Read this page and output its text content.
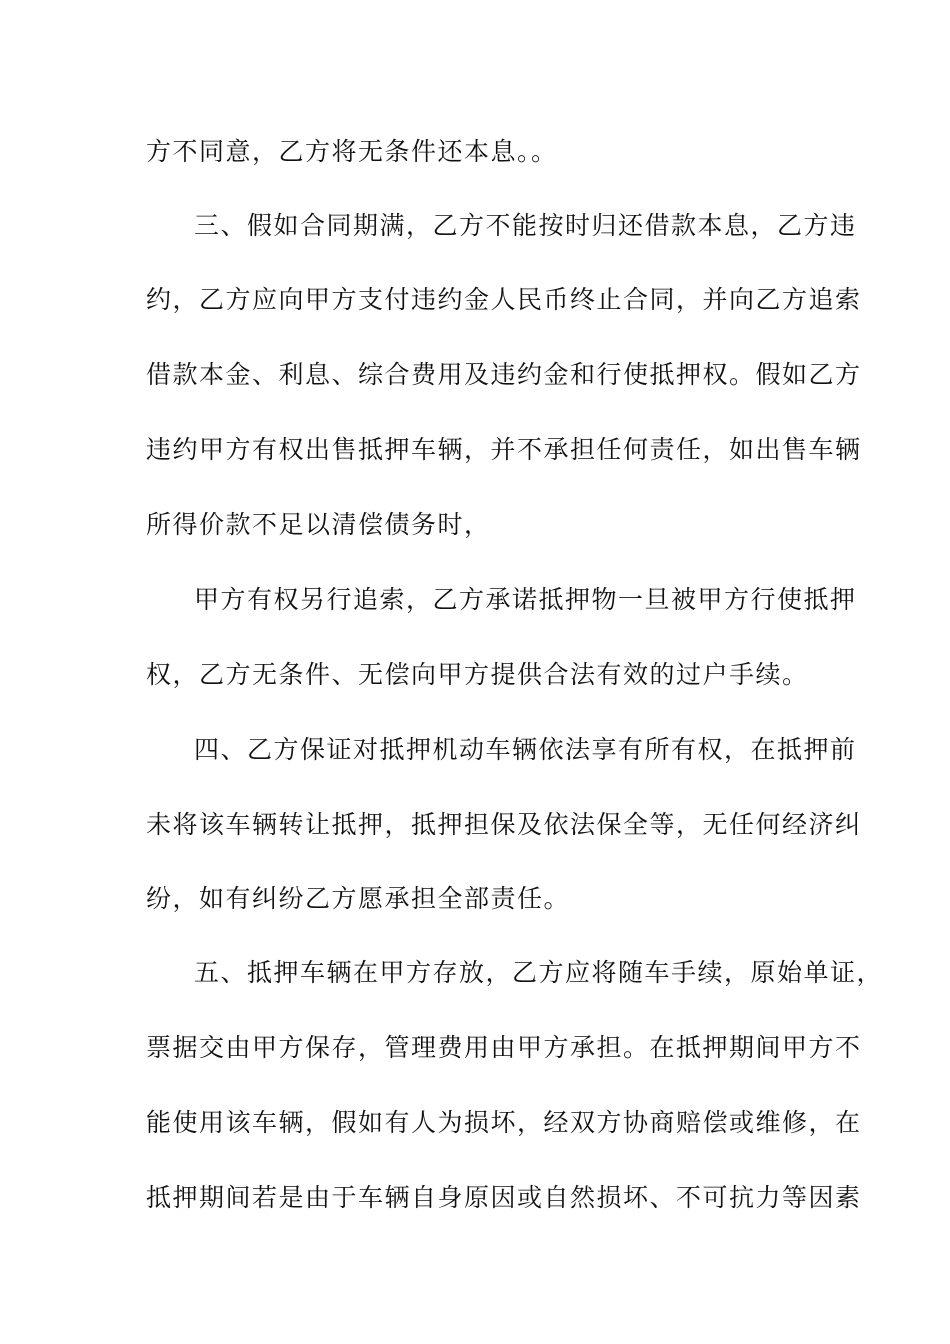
方不同意，乙方将无条件还本息。。
三、假如合同期满，乙方不能按时归还借款本息，乙方违
约，乙方应向甲方支付违约金人民币终止合同，并向乙方追索
借款本金、利息、综合费用及违约金和行使抵押权。假如乙方
违约甲方有权出售抵押车辆，并不承担任何责任，如出售车辆
所得价款不足以清偿债务时，
甲方有权另行追索，乙方承诺抵押物一旦被甲方行使抵押
权，乙方无条件、无偿向甲方提供合法有效的过户手续。
四、乙方保证对抵押机动车辆依法享有所有权，在抵押前
未将该车辆转让抵押，抵押担保及依法保全等，无任何经济纠
纷，如有纠纷乙方愿承担全部责任。
五、抵押车辆在甲方存放，乙方应将随车手续，原始单证，
票据交由甲方保存，管理费用由甲方承担。在抵押期间甲方不
能使用该车辆，假如有人为损坏，经双方协商赔偿或维修，在
抵押期间若是由于车辆自身原因或自然损坏、不可抗力等因素
